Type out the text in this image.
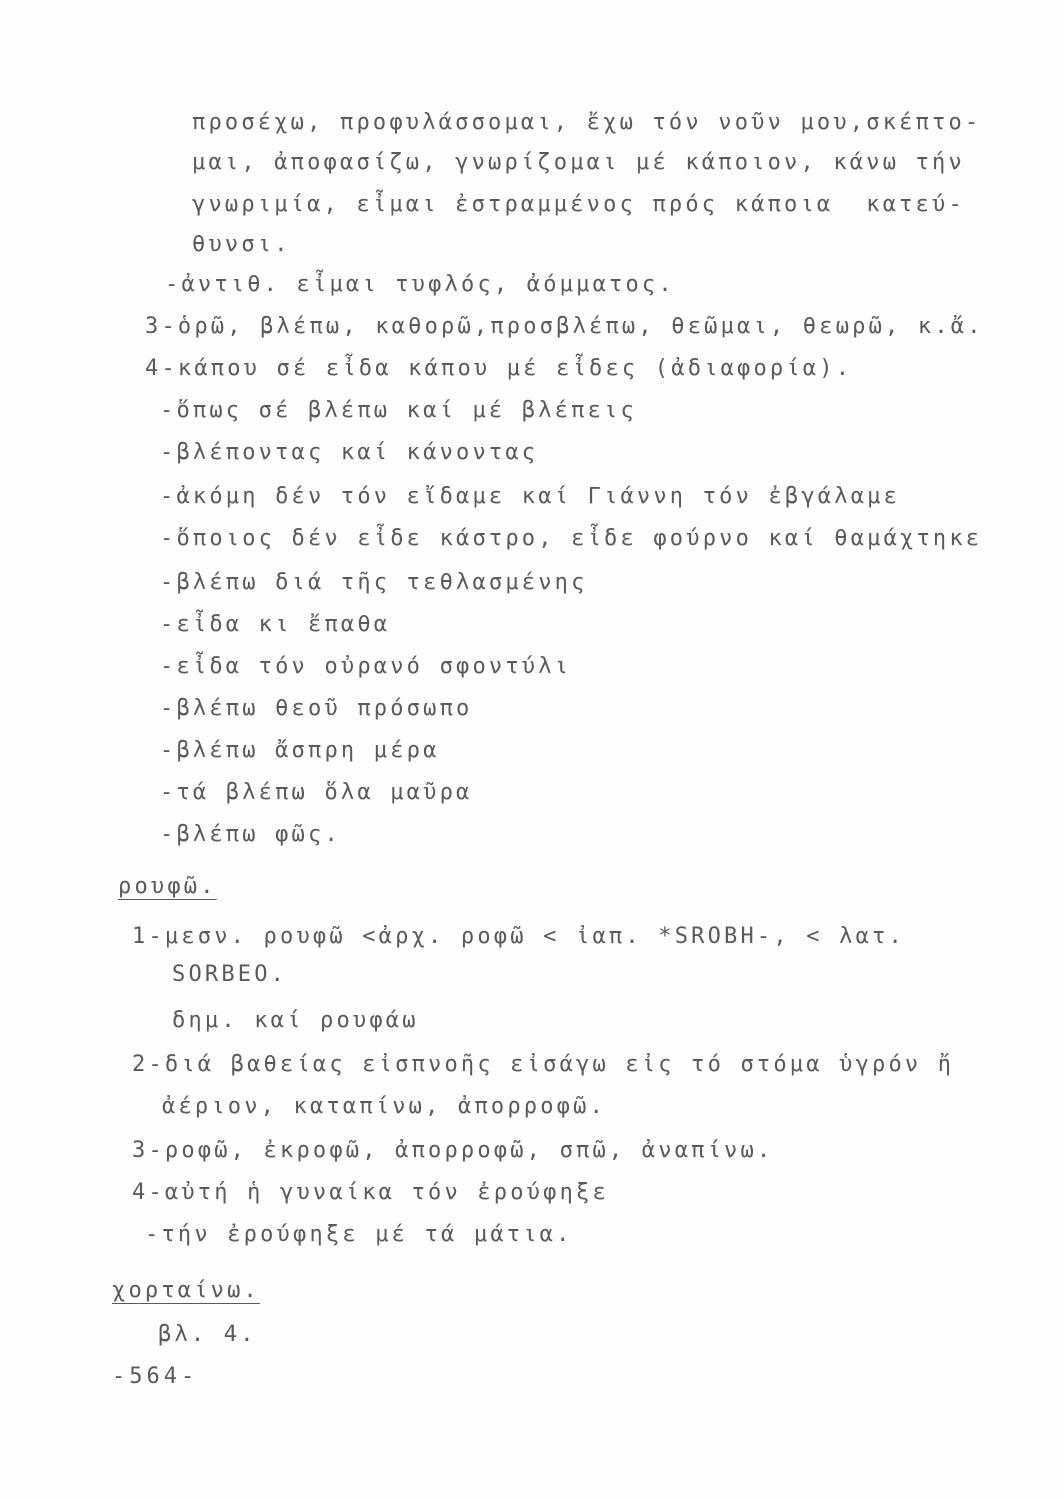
προσέχω, προφυλάσσομαι, ἔχω τόν νοῦν μου,σκέπτο-
μαι, ἀποφασίζω, γνωρίζομαι μέ κάποιον, κάνω τήν
γνωριμία, εἶμαι ἐστραμμένος πρός κάποια  κατεύ-
θυνσι.
-ἀντιθ. εἶμαι τυφλός, ἀόμματος.
3-ὁρῶ, βλέπω, καθορῶ,προσβλέπω, θεῶμαι, θεωρῶ, κ.ἄ.
4-κάπου σέ εἶδα κάπου μέ εἶδες (ἀδιαφορία).
-ὅπως σέ βλέπω καί μέ βλέπεις
-βλέποντας καί κάνοντας
-ἀκόμη δέν τόν εἴδαμε καί Γιάννη τόν ἐβγάλαμε
-ὅποιος δέν εἶδε κάστρο, εἶδε φούρνο καί θαμάχτηκε
-βλέπω διά τῆς τεθλασμένης
-εἶδα κι ἔπαθα
-εἶδα τόν οὐρανό σφοντύλι
-βλέπω θεοῦ πρόσωπο
-βλέπω ἄσπρη μέρα
-τά βλέπω ὅλα μαῦρα
-βλέπω φῶς.
ρουφῶ.
1-μεσν. ρουφῶ <ἀρχ. ροφῶ < ἰαπ. *SROBH-, < λατ.
SORBEO.
δημ. καί ρουφάω
2-διά βαθείας εἰσπνοῆς εἰσάγω εἰς τό στόμα ὑγρόν ἤ
ἀέριον, καταπίνω, ἀπορροφῶ.
3-ροφῶ, ἐκροφῶ, ἀπορροφῶ, σπῶ, ἀναπίνω.
4-αὐτή ἡ γυναίκα τόν ἐρούφηξε
-τήν ἐρούφηξε μέ τά μάτια.
χορταίνω.
βλ. 4.
-564-
